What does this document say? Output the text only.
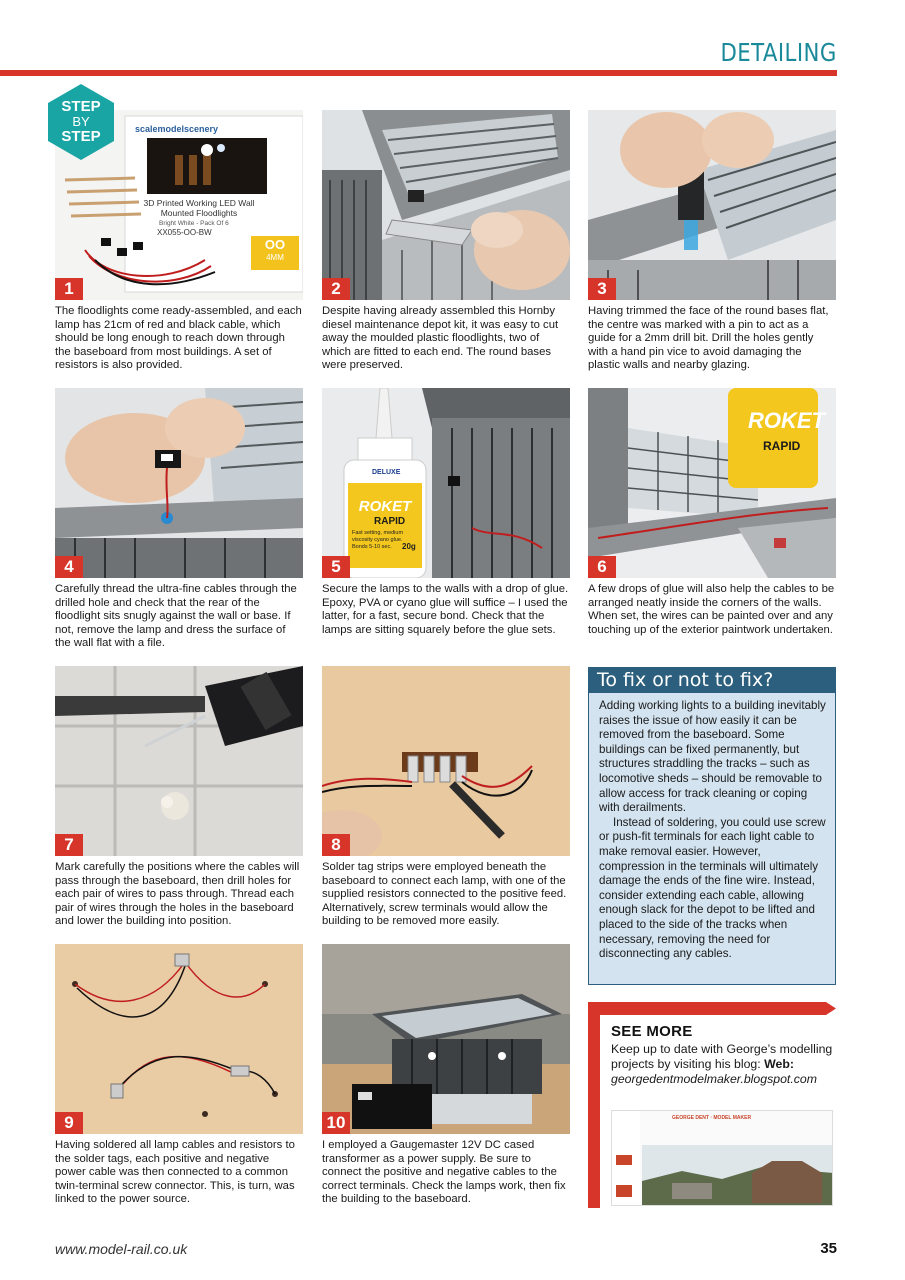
DETAILING
scalemodelscenery
3D Printed Working LED Wall Mounted Floodlights
Bright White - Pack Of 6
XX055-OO-BW
OO
4MM
1
The floodlights come ready-assembled, and each lamp has 21cm of red and black cable, which should be long enough to reach down through the baseboard from most buildings. A set of resistors is also provided.
STEP
BY
STEP
2
Despite having already assembled this Hornby diesel maintenance depot kit, it was easy to cut away the moulded plastic floodlights, two of which are fitted to each end. The round bases were preserved.
3
Having trimmed the face of the round bases flat, the centre was marked with a pin to act as a guide for a 2mm drill bit. Drill the holes gently with a hand pin vice to avoid damaging the plastic walls and nearby glazing.
4
Carefully thread the ultra-fine cables through the drilled hole and check that the rear of the floodlight sits snugly against the wall or base. If not, remove the lamp and dress the surface of the wall flat with a file.
DELUXE
ROKET
RAPID
Fast setting, medium
viscosity cyano glue.
Bonds 5-10 sec. 20g
5
Secure the lamps to the walls with a drop of glue. Epoxy, PVA or cyano glue will suffice – I used the latter, for a fast, secure bond. Check that the lamps are sitting squarely before the glue sets.
ROKET
RAPID
6
A few drops of glue will also help the cables to be arranged neatly inside the corners of the walls. When set, the wires can be painted over and any touching up of the exterior paintwork undertaken.
7
Mark carefully the positions where the cables will pass through the baseboard, then drill holes for each pair of wires to pass through. Thread each pair of wires through the holes in the baseboard and lower the building into position.
8
Solder tag strips were employed beneath the baseboard to connect each lamp, with one of the supplied resistors connected to the positive feed. Alternatively, screw terminals would allow the building to be removed more easily.
To fix or not to fix?

Adding working lights to a building inevitably raises the issue of how easily it can be removed from the baseboard. Some buildings can be fixed permanently, but structures straddling the tracks – such as locomotive sheds – should be removable to allow access for track cleaning or coping with derailments.

Instead of soldering, you could use screw or push-fit terminals for each light cable to make removal easier. However, compression in the terminals will ultimately damage the ends of the fine wire. Instead, consider extending each cable, allowing enough slack for the depot to be lifted and placed to the side of the tracks when necessary, removing the need for disconnecting any cables.

9
Having soldered all lamp cables and resistors to the solder tags, each positive and negative power cable was then connected to a common twin-terminal screw connector. This, is turn, was linked to the power source.
10
I employed a Gaugemaster 12V DC cased transformer as a power supply. Be sure to connect the positive and negative cables to the correct terminals. Check the lamps work, then fix the building to the baseboard.
SEE MORE
Keep up to date with George’s modelling projects by visiting his blog: Web: georgedentmodelmaker.blogspot.com
GEORGE DENT · MODEL MAKER
www.model-rail.co.uk	35
